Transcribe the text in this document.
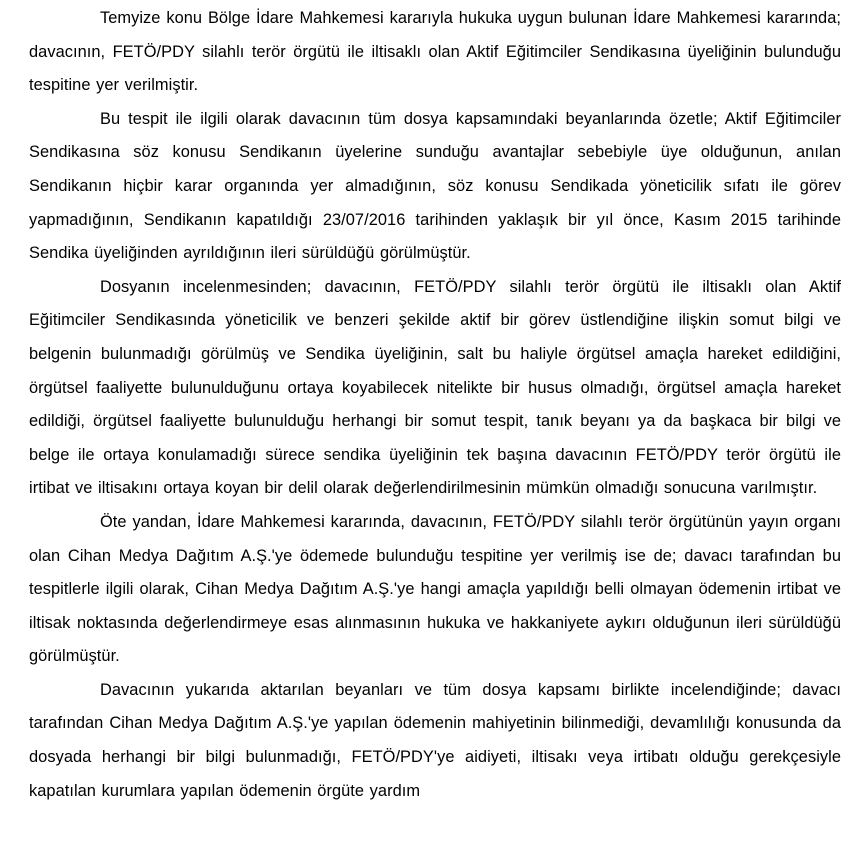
Temyize konu Bölge İdare Mahkemesi kararıyla hukuka uygun bulunan İdare Mahkemesi kararında; davacının, FETÖ/PDY silahlı terör örgütü ile iltisaklı olan Aktif Eğitimciler Sendikasına üyeliğinin bulunduğu tespitine yer verilmiştir.

Bu tespit ile ilgili olarak davacının tüm dosya kapsamındaki beyanlarında özetle; Aktif Eğitimciler Sendikasına söz konusu Sendikanın üyelerine sunduğu avantajlar sebebiyle üye olduğunun, anılan Sendikanın hiçbir karar organında yer almadığının, söz konusu Sendikada yöneticilik sıfatı ile görev yapmadığının, Sendikanın kapatıldığı 23/07/2016 tarihinden yaklaşık bir yıl önce, Kasım 2015 tarihinde Sendika üyeliğinden ayrıldığının ileri sürüldüğü görülmüştür.

Dosyanın incelenmesinden; davacının, FETÖ/PDY silahlı terör örgütü ile iltisaklı olan Aktif Eğitimciler Sendikasında yöneticilik ve benzeri şekilde aktif bir görev üstlendiğine ilişkin somut bilgi ve belgenin bulunmadığı görülmüş ve Sendika üyeliğinin, salt bu haliyle örgütsel amaçla hareket edildiğini, örgütsel faaliyette bulunulduğunu ortaya koyabilecek nitelikte bir husus olmadığı, örgütsel amaçla hareket edildiği, örgütsel faaliyette bulunulduğu herhangi bir somut tespit, tanık beyanı ya da başkaca bir bilgi ve belge ile ortaya konulamadığı sürece sendika üyeliğinin tek başına davacının FETÖ/PDY terör örgütü ile irtibat ve iltisakını ortaya koyan bir delil olarak değerlendirilmesinin mümkün olmadığı sonucuna varılmıştır.

Öte yandan, İdare Mahkemesi kararında, davacının, FETÖ/PDY silahlı terör örgütünün yayın organı olan Cihan Medya Dağıtım A.Ş.'ye ödemede bulunduğu tespitine yer verilmiş ise de; davacı tarafından bu tespitlerle ilgili olarak, Cihan Medya Dağıtım A.Ş.'ye hangi amaçla yapıldığı belli olmayan ödemenin irtibat ve iltisak noktasında değerlendirmeye esas alınmasının hukuka ve hakkaniyete aykırı olduğunun ileri sürüldüğü görülmüştür.

Davacının yukarıda aktarılan beyanları ve tüm dosya kapsamı birlikte incelendiğinde; davacı tarafından Cihan Medya Dağıtım A.Ş.'ye yapılan ödemenin mahiyetinin bilinmediği, devamlılığı konusunda da dosyada herhangi bir bilgi bulunmadığı, FETÖ/PDY'ye aidiyeti, iltisakı veya irtibatı olduğu gerekçesiyle kapatılan kurumlara yapılan ödemenin örgüte yardım
